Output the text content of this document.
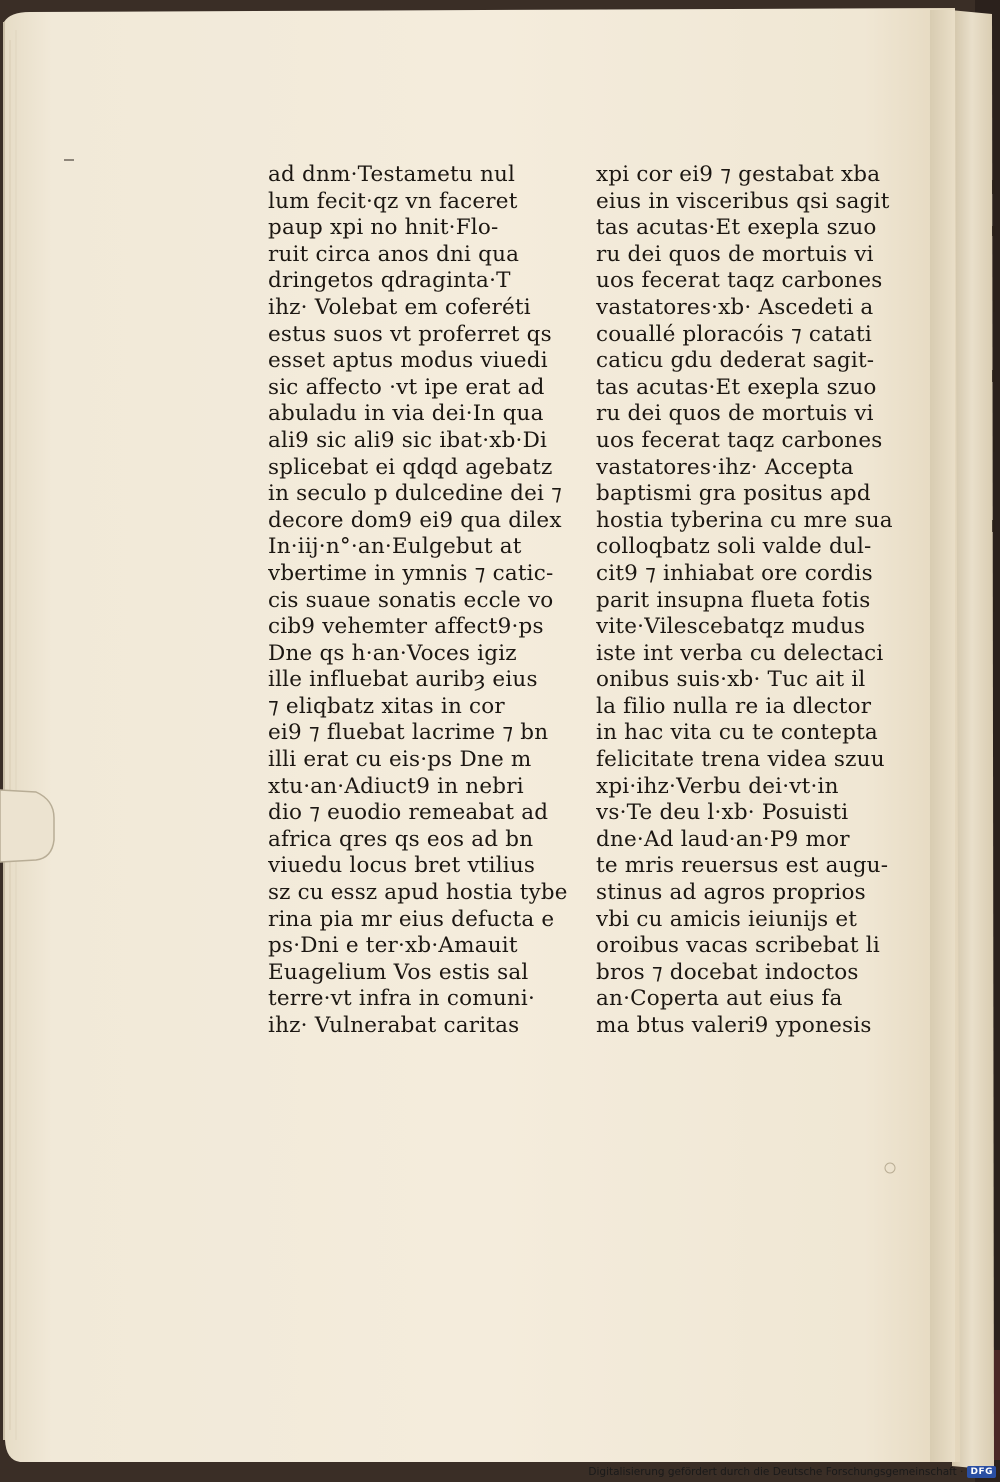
ad dnm·Testametu nul
lum fecit·qz vn faceret
paup xpi no hnit·Flo-
ruit circa anos dni qua
dringetos qdraginta·T
ihz· Volebat em coferéti
estus suos vt proferret qs
esset aptus modus viuedi
sic affecto ·vt ipe erat ad
abuladu in via dei·In qua
ali9 sic ali9 sic ibat·xb·Di
splicebat ei qdqd agebatz
in seculo p dulcedine dei ⁊
decore dom9 ei9 qua dilex
In·iij·n°·an·Eulgebut at
vbertime in ymnis ⁊ catic-
cis suaue sonatis eccle vo
cib9 vehemter affect9·ps
Dne qs h·an·Voces igiz
ille influebat auribȝ eius
⁊ eliqbatz xitas in cor
ei9 ⁊ fluebat lacrime ⁊ bn
illi erat cu eis·ps Dne m
xtu·an·Adiuct9 in nebri
dio ⁊ euodio remeabat ad
africa qres qs eos ad bn
viuedu locus bret vtilius
sz cu essz apud hostia tybe
rina pia mr eius defucta e
ps·Dni e ter·xb·Amauit
Euagelium Vos estis sal
terre·vt infra in comuni·
ihz· Vulnerabat caritas
xpi cor ei9 ⁊ gestabat xba
eius in visceribus qsi sagit
tas acutas·Et exepla szuo
ru dei quos de mortuis vi
uos fecerat taqz carbones
vastatores·xb· Ascedeti a
couallé ploracóis ⁊ catati
caticu gdu dederat sagit-
tas acutas·Et exepla szuo
ru dei quos de mortuis vi
uos fecerat taqz carbones
vastatores·ihz· Accepta
baptismi gra positus apd
hostia tyberina cu mre sua
colloqbatz soli valde dul-
cit9 ⁊ inhiabat ore cordis
parit insupna flueta fotis
vite·Vilescebatqz mudus
iste int verba cu delectaci
onibus suis·xb· Tuc ait il
la filio nulla re ia dlector
in hac vita cu te contepta
felicitate trena videa szuu
xpi·ihz·Verbu dei·vt·in
vs·Te deu l·xb· Posuisti
dne·Ad laud·an·P9 mor
te mris reuersus est augu-
stinus ad agros proprios
vbi cu amicis ieiunijs et
oroibus vacas scribebat li
bros ⁊ docebat indoctos
an·Coperta aut eius fa
ma btus valeri9 yponesis
Digitalisierung gefördert durch die Deutsche Forschungsgemeinschaft · DFG
